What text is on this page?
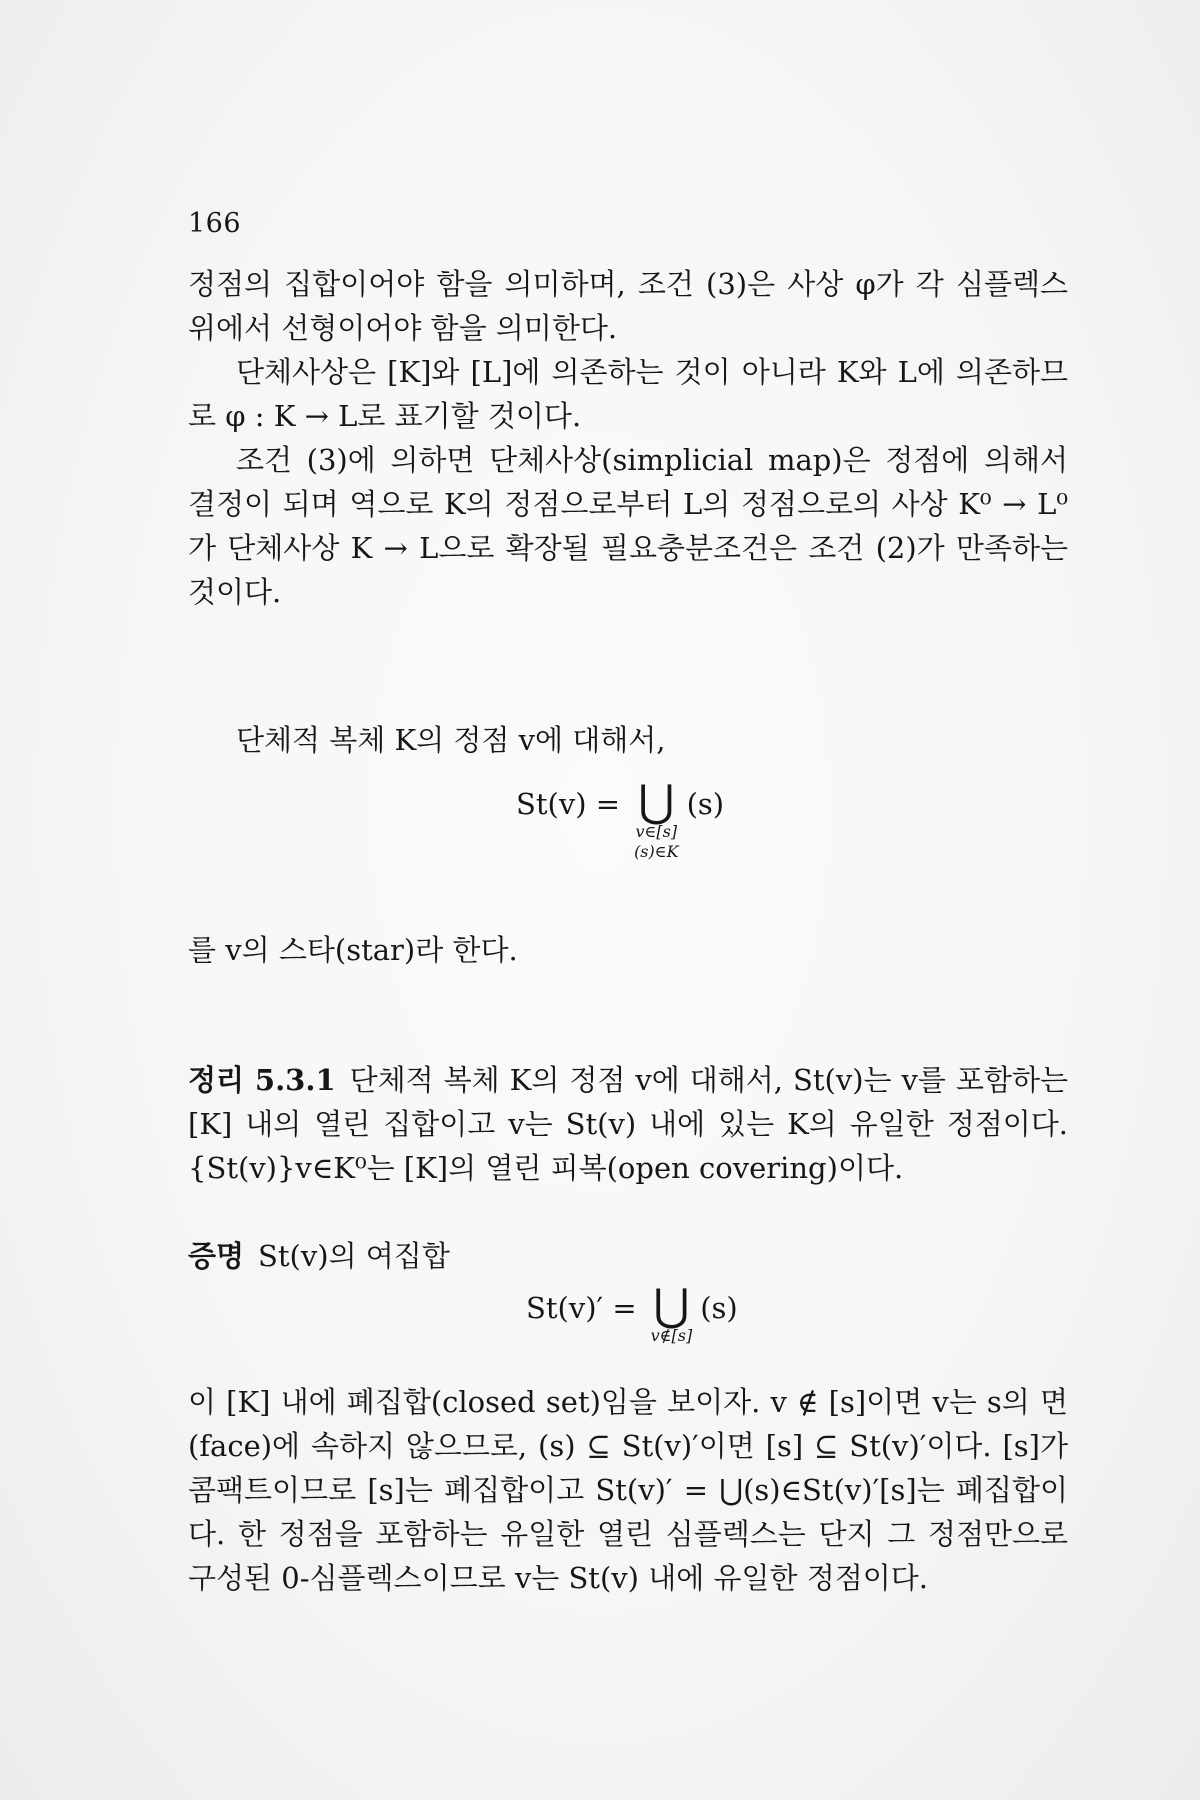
166

정점의 집합이어야 함을 의미하며, 조건 (3)은 사상 φ가 각 심플렉스 위에서 선형이어야 함을 의미한다.

단체사상은 [K]와 [L]에 의존하는 것이 아니라 K와 L에 의존하므로 φ : K → L로 표기할 것이다.

조건 (3)에 의하면 단체사상(simplicial map)은 정점에 의해서 결정이 되며 역으로 K의 정점으로부터 L의 정점으로의 사상 K⁰ → L⁰가 단체사상 K → L으로 확장될 필요충분조건은 조건 (2)가 만족하는 것이다.

단체적 복체 K의 정점 v에 대해서,
St(v) = ⋃
v∈[s]
(s)∈K
(s)
를 v의 스타(star)라 한다.

정리 5.3.1 단체적 복체 K의 정점 v에 대해서, St(v)는 v를 포함하는 [K] 내의 열린 집합이고 v는 St(v) 내에 있는 K의 유일한 정점이다. {St(v)}v∈K⁰는 [K]의 열린 피복(open covering)이다.

증명 St(v)의 여집합
St(v)′ = ⋃
v∉[s]
(s)

이 [K] 내에 폐집합(closed set)임을 보이자. v ∉ [s]이면 v는 s의 면(face)에 속하지 않으므로, (s) ⊆ St(v)′이면 [s] ⊆ St(v)′이다. [s]가 콤팩트이므로 [s]는 폐집합이고 St(v)′ = ⋃(s)∈St(v)′[s]는 폐집합이다. 한 정점을 포함하는 유일한 열린 심플렉스는 단지 그 정점만으로 구성된 0-심플렉스이므로 v는 St(v) 내에 유일한 정점이다.
